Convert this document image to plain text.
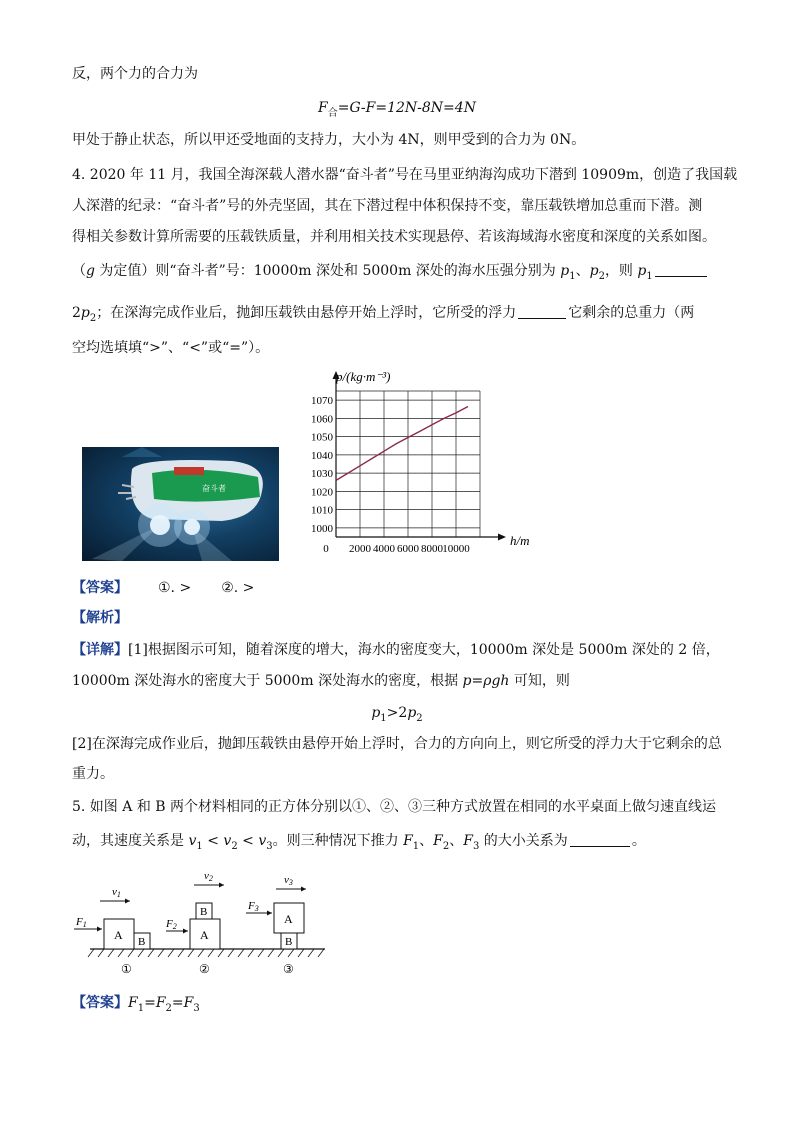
反，两个力的合力为
$F_合=G-F=12N-8N=4N$
甲处于静止状态，所以甲还受地面的支持力，大小为 4N，则甲受到的合力为 0N。
4. 2020 年 11 月，我国全海深载人潜水器“奋斗者”号在马里亚纳海沟成功下潜到 10909m，创造了我国载
人深潜的纪录：“奋斗者”号的外壳坚固，其在下潜过程中体积保持不变，靠压载铁增加总重而下潜。测
得相关参数计算所需要的压载铁质量，并利用相关技术实现悬停、若该海域海水密度和深度的关系如图。
（g 为定值）则“奋斗者”号：10000m 深处和 5000m 深处的海水压强分别为 $p_1$、$p_2$，则 $p_1$
$2p_2$；在深海完成作业后，抛卸压载铁由悬停开始上浮时，它所受的浮力	它剩余的总重力（两
空均选填填“>”、“<”或“=”）。
奋斗者
1000
1010
1020
1030
1040
1050
1060
1070
0 2000 4000 6000 8000 10000
p/(kg·m⁻³)
h/m
【答案】 ①. > ②. >
【解析】
【详解】[1]根据图示可知，随着深度的增大，海水的密度变大，10000m 深处是 5000m 深处的 2 倍，
10000m 深处海水的密度大于 5000m 深处海水的密度，根据 p=ρgh 可知，则
$p_1>2p_2$
[2]在深海完成作业后，抛卸压载铁由悬停开始上浮时，合力的方向向上，则它所受的浮力大于它剩余的总
重力。
5. 如图 A 和 B 两个材料相同的正方体分别以①、②、③三种方式放置在相同的水平桌面上做匀速直线运
动，其速度关系是 $v_1 < v_2 < v_3$。则三种情况下推力 $F_1$、$F_2$、$F_3$ 的大小关系为	。
A B
F1
v1
①
A
B
F2
v2
②
A
B
F3
v3
③
【答案】$F_1=F_2=F_3$
